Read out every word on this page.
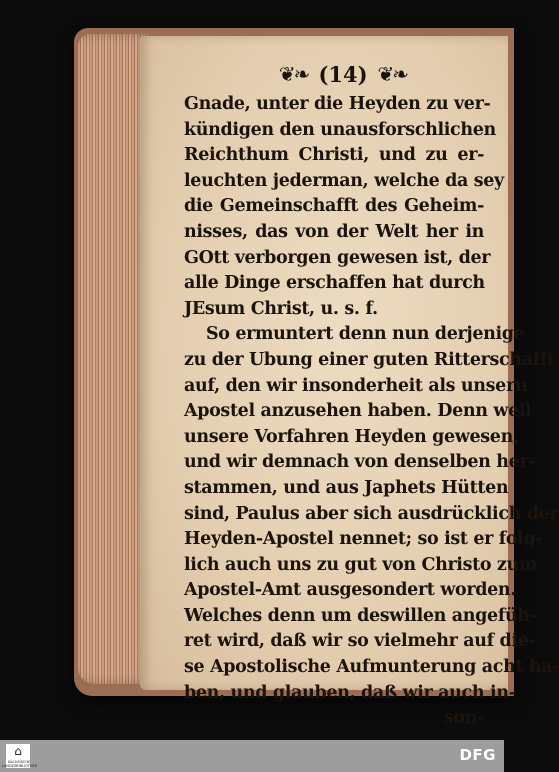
❦❧ (14) ❦❧
Gnade, unter die Heyden zu ver-
kündigen den unausforschlichen
Reichthum Christi, und zu er-
leuchten jederman, welche da sey
die Gemeinschafft des Geheim-
nisses, das von der Welt her in
GOtt verborgen gewesen ist, der
alle Dinge erschaffen hat durch
JEsum Christ, u. s. f.
So ermuntert denn nun derjenige
zu der Ubung einer guten Ritterschafft
auf, den wir insonderheit als unsern
Apostel anzusehen haben. Denn weil
unsere Vorfahren Heyden gewesen,
und wir demnach von denselben her-
stammen, und aus Japhets Hütten
sind, Paulus aber sich ausdrücklich der
Heyden-Apostel nennet; so ist er folg-
lich auch uns zu gut von Christo zum
Apostel-Amt ausgesondert worden.
Welches denn um deswillen angefüh-
ret wird, daß wir so vielmehr auf die-
se Apostolische Aufmunterung acht ha-
ben, und glauben, daß wir auch in-
son-
⌂
SÄCHSISCHE LANDESBIBLIOTHEK
DFG
